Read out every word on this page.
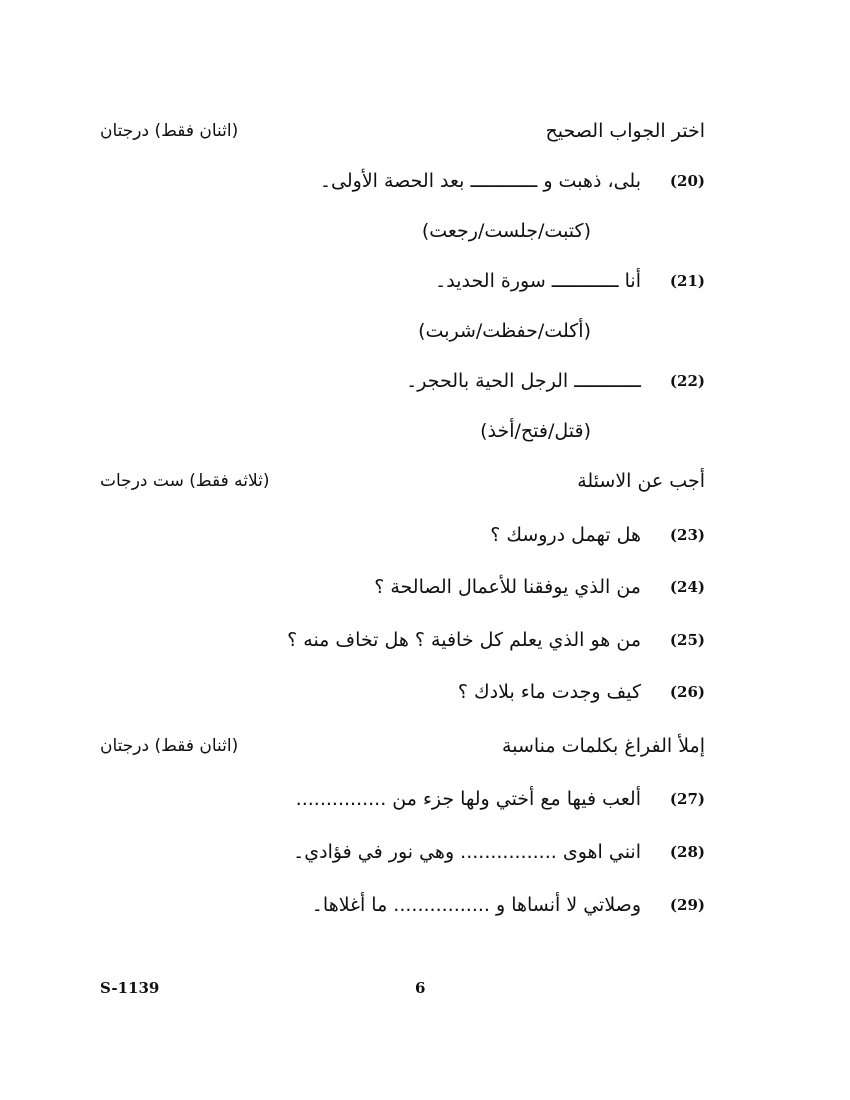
اختر الجواب الصحيح
(اثنان فقط) درجتان
(20)
بلى، ذهبت و ــــــــــــ بعد الحصة الأولى۔
(كتبت/جلست/رجعت)
(21)
أنا ــــــــــــ سورة الحديد۔
(أكلت/حفظت/شربت)
(22)
ــــــــــــ الرجل الحية بالحجر۔
(قتل/فتح/أخذ)
أجب عن الاسئلة
(ثلاثه فقط) ست درجات
(23)
هل تهمل دروسك ؟
(24)
من الذي يوفقنا للأعمال الصالحة ؟
(25)
من هو الذي يعلم كل خافية ؟ هل تخاف منه ؟
(26)
كيف وجدت ماء بلادك ؟
إملأ الفراغ بكلمات مناسبة
(اثنان فقط) درجتان
(27)
ألعب فيها مع أختي ولها جزء من ...............
(28)
انني اهوى ................ وهي نور في فؤادي۔
(29)
وصلاتي لا أنساها و ................ ما أغلاها۔
S-1139	6
